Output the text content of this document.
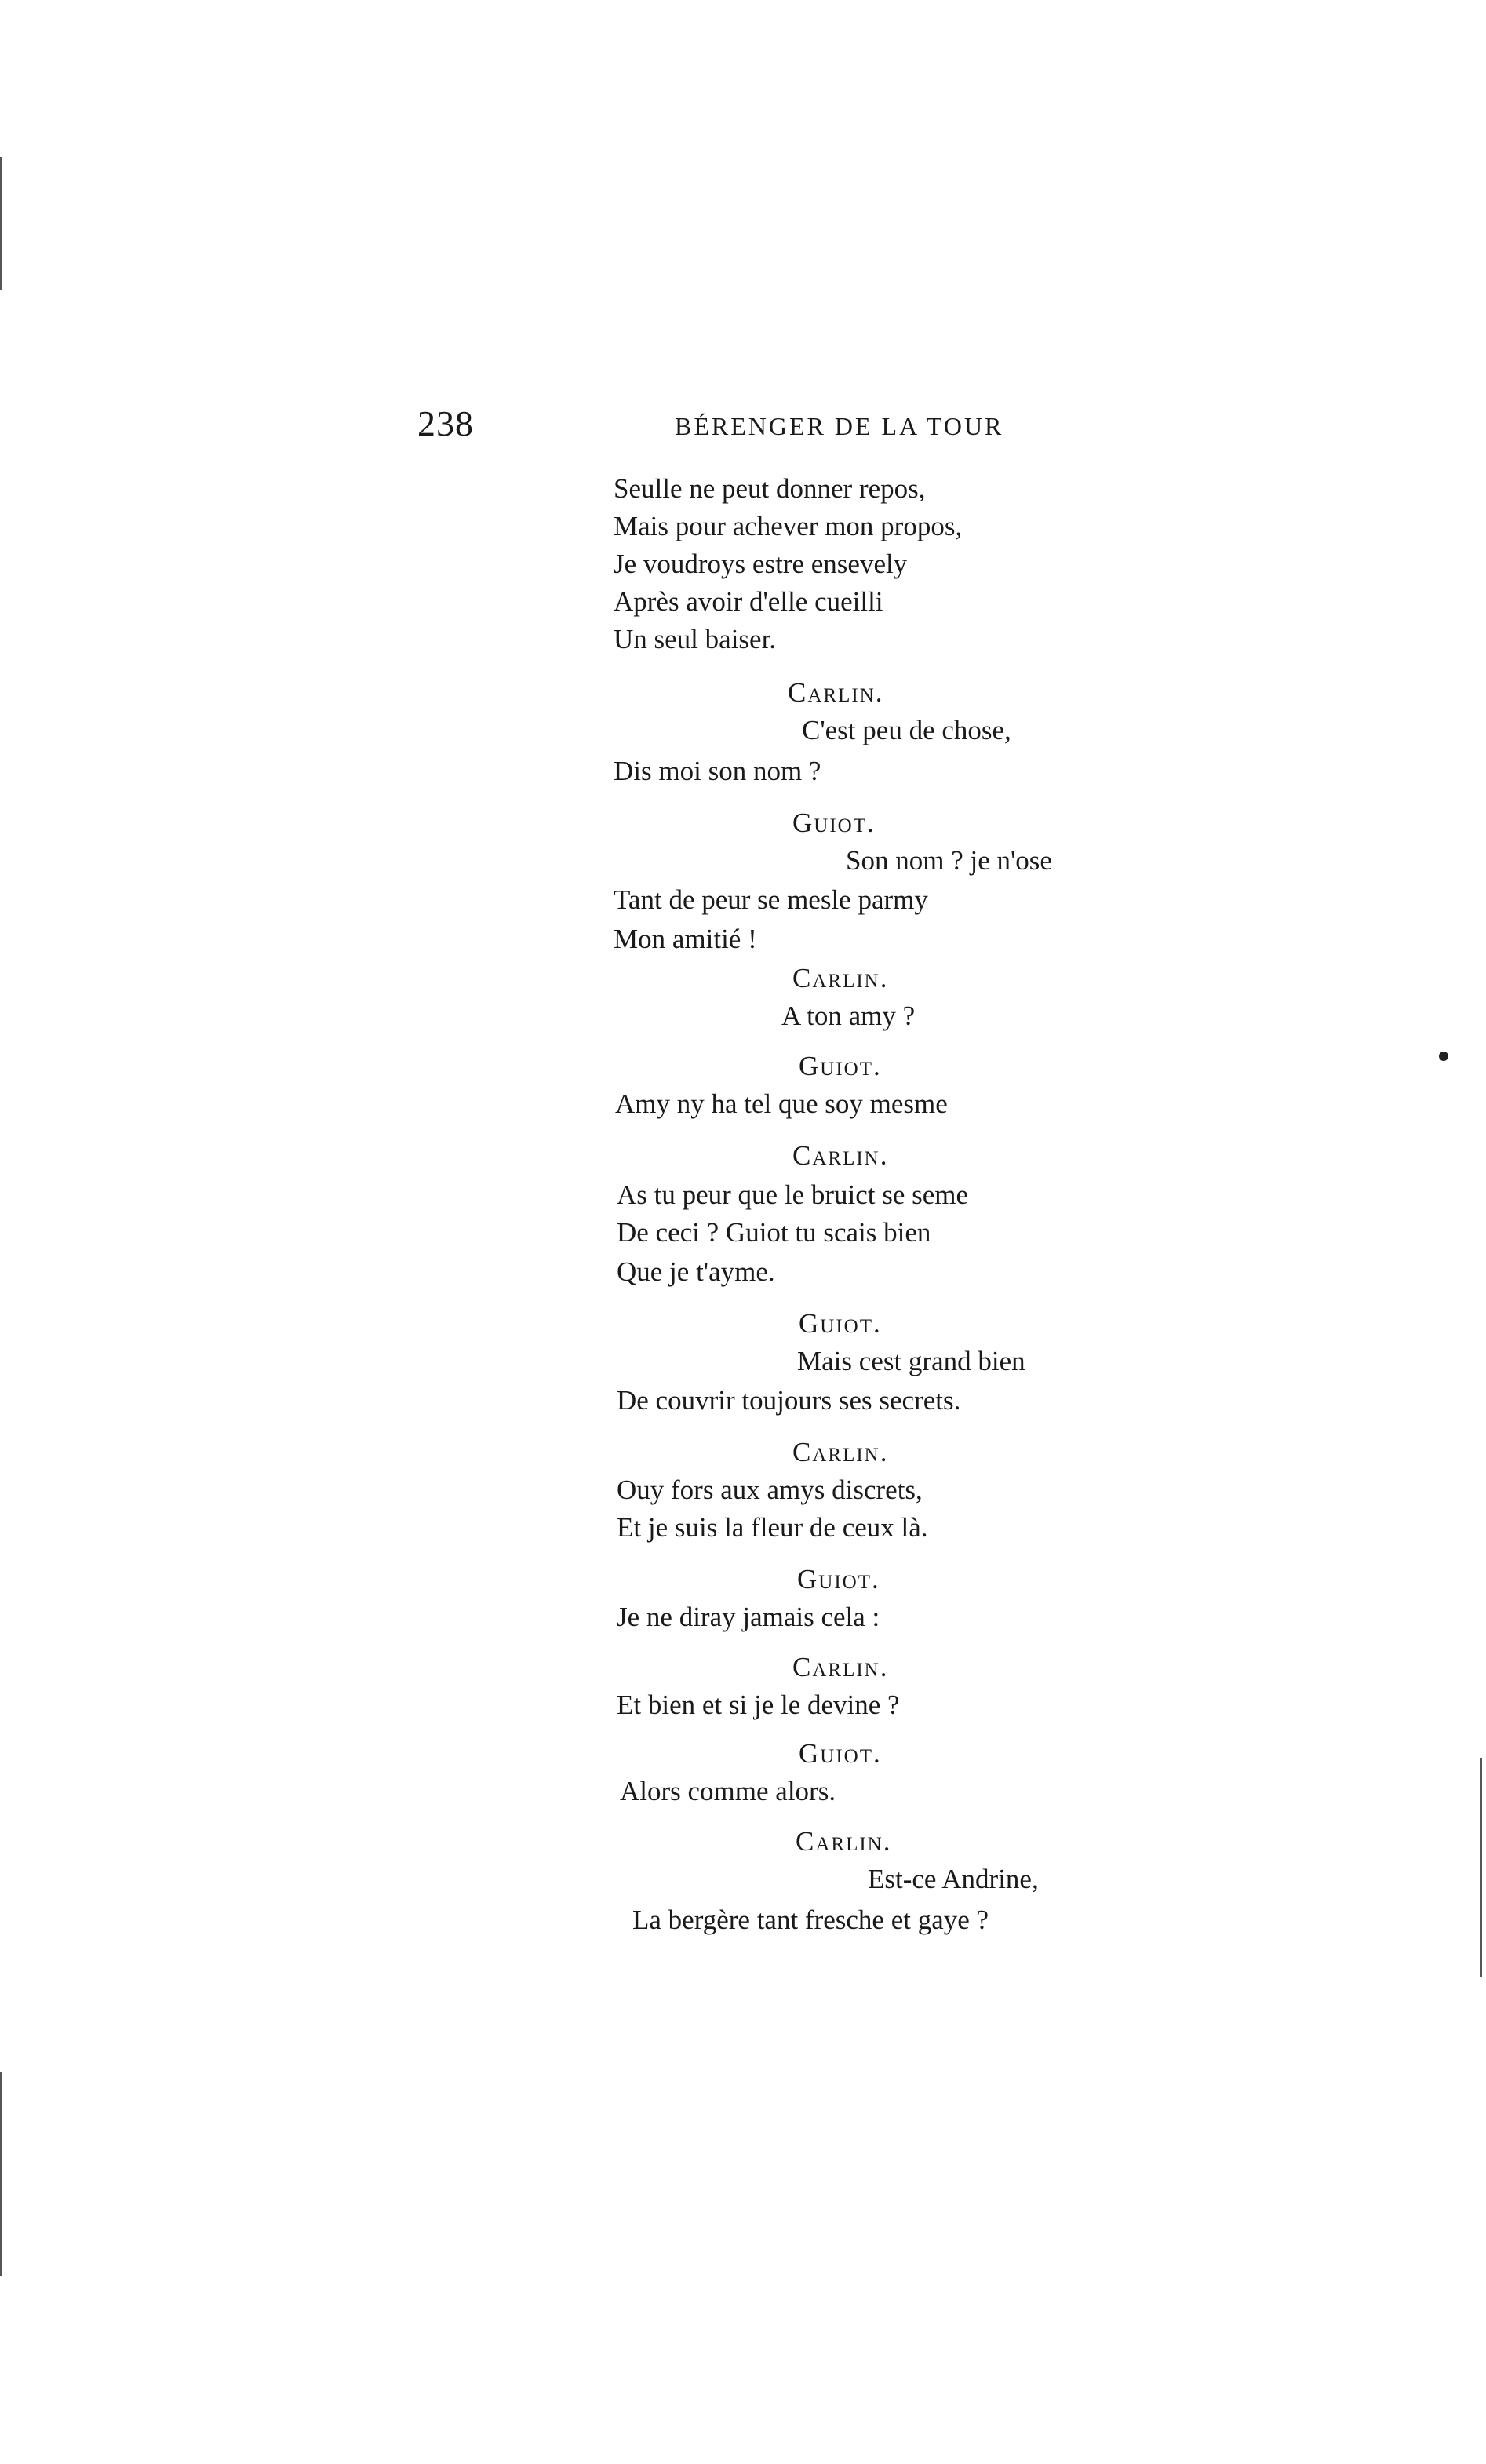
238	BÉRENGER DE LA TOUR
Seulle ne peut donner repos,
Mais pour achever mon propos,
Je voudroys estre ensevely
Après avoir d'elle cueilli
Un seul baiser.
Carlin.
C'est peu de chose,
Dis moi son nom ?
Guiot.
Son nom ? je n'ose
Tant de peur se mesle parmy
Mon amitié !
Carlin.
A ton amy ?
Guiot.
Amy ny ha tel que soy mesme
Carlin.
As tu peur que le bruict se seme
De ceci ? Guiot tu scais bien
Que je t'ayme.
Guiot.
Mais cest grand bien
De couvrir toujours ses secrets.
Carlin.
Ouy fors aux amys discrets,
Et je suis la fleur de ceux là.
Guiot.
Je ne diray jamais cela :
Carlin.
Et bien et si je le devine ?
Guiot.
Alors comme alors.
Carlin.
Est-ce Andrine,
La bergère tant fresche et gaye ?
